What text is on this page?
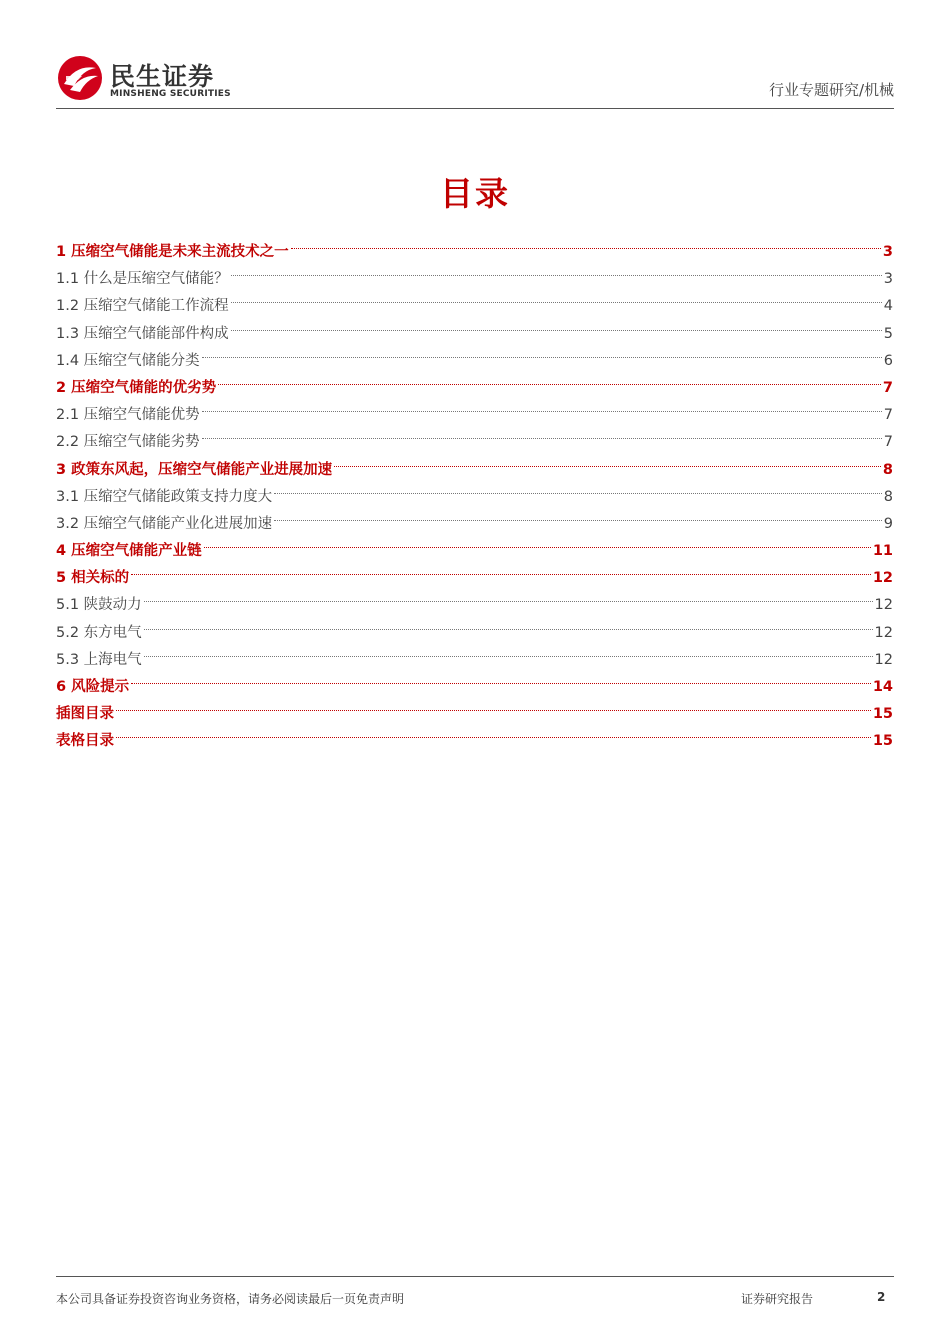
民生证券
MINSHENG SECURITIES	行业专题研究/机械
目录
1 压缩空气储能是未来主流技术之一	3
1.1 什么是压缩空气储能？	3
1.2 压缩空气储能工作流程	4
1.3 压缩空气储能部件构成	5
1.4 压缩空气储能分类	6
2 压缩空气储能的优劣势	7
2.1 压缩空气储能优势	7
2.2 压缩空气储能劣势	7
3 政策东风起，压缩空气储能产业进展加速	8
3.1 压缩空气储能政策支持力度大	8
3.2 压缩空气储能产业化进展加速	9
4 压缩空气储能产业链	11
5 相关标的	12
5.1 陕鼓动力	12
5.2 东方电气	12
5.3 上海电气	12
6 风险提示	14
插图目录	15
表格目录	15
本公司具备证券投资咨询业务资格，请务必阅读最后一页免责声明	证券研究报告	2
